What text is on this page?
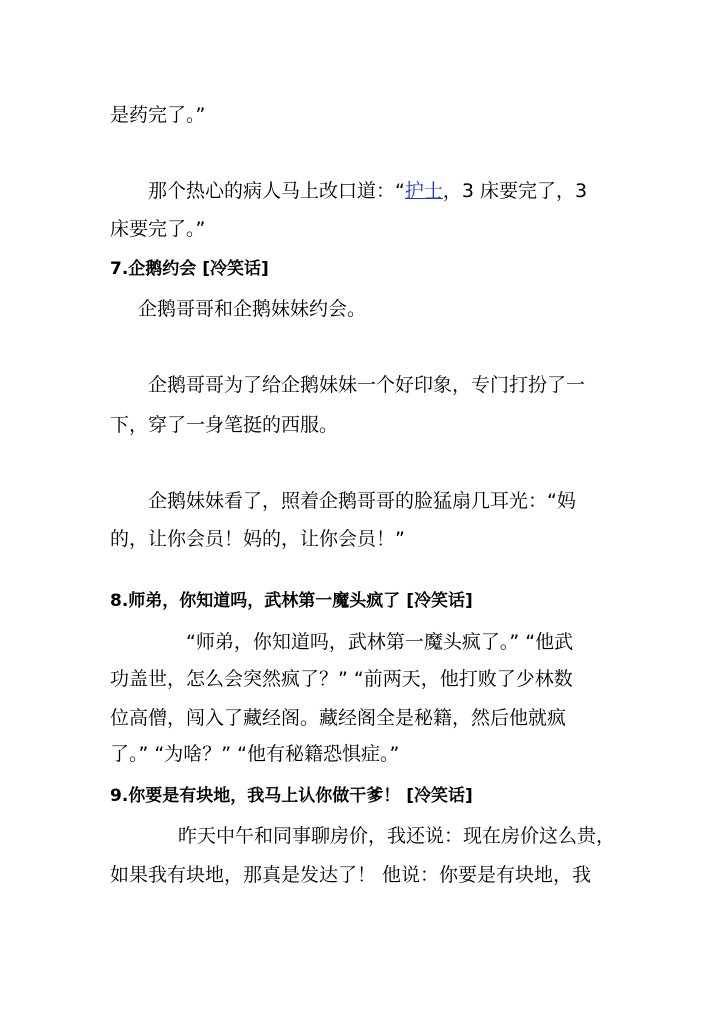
是药完了。”
那个热心的病人马上改口道：“护士，3 床要完了，3
床要完了。”
7.企鹅约会 [冷笑话]
企鹅哥哥和企鹅妹妹约会。
企鹅哥哥为了给企鹅妹妹一个好印象，专门打扮了一
下，穿了一身笔挺的西服。
企鹅妹妹看了，照着企鹅哥哥的脸猛扇几耳光：“妈
的，让你会员！妈的，让你会员！”
8.师弟，你知道吗，武林第一魔头疯了 [冷笑话]
“师弟，你知道吗，武林第一魔头疯了。” “他武
功盖世，怎么会突然疯了？” “前两天，他打败了少林数
位高僧，闯入了藏经阁。藏经阁全是秘籍，然后他就疯
了。” “为啥？” “他有秘籍恐惧症。”
9.你要是有块地，我马上认你做干爹！ [冷笑话]
昨天中午和同事聊房价，我还说：现在房价这么贵，
如果我有块地，那真是发达了！ 他说：你要是有块地，我
